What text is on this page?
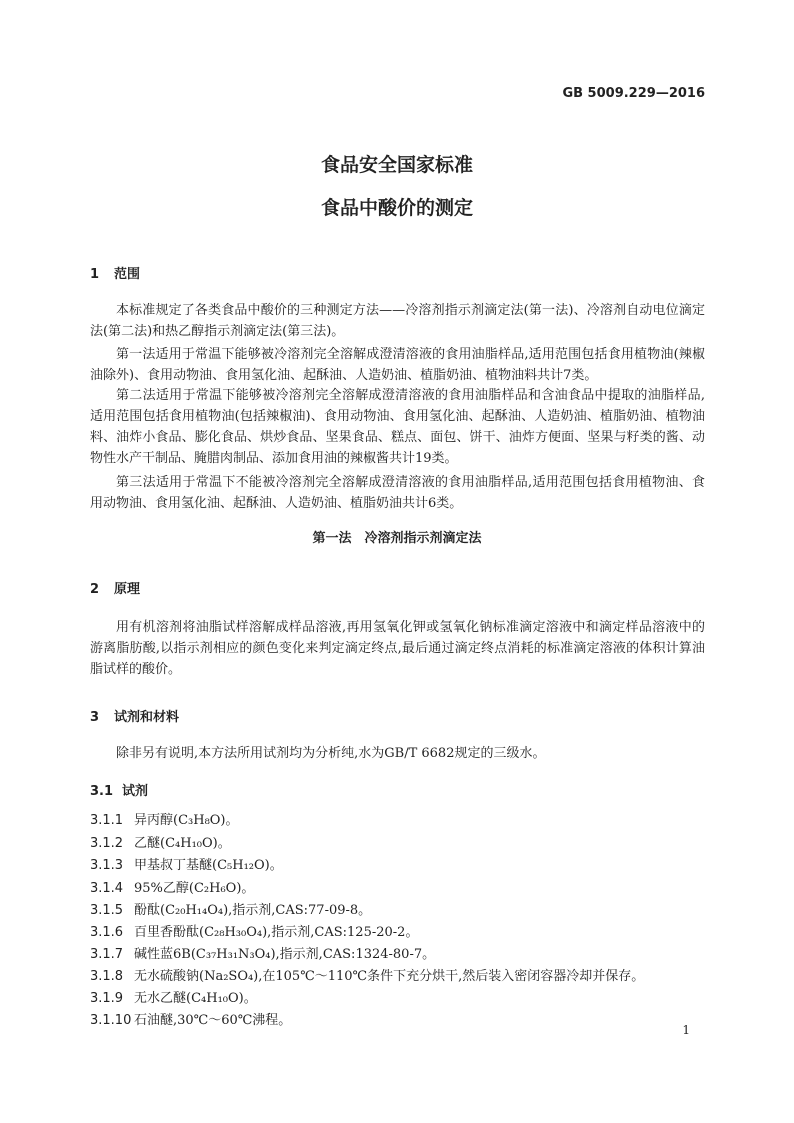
GB 5009.229—2016
食品安全国家标准
食品中酸价的测定
1 范围
本标准规定了各类食品中酸价的三种测定方法——冷溶剂指示剂滴定法(第一法)、冷溶剂自动电位滴定法(第二法)和热乙醇指示剂滴定法(第三法)。
第一法适用于常温下能够被冷溶剂完全溶解成澄清溶液的食用油脂样品,适用范围包括食用植物油(辣椒油除外)、食用动物油、食用氢化油、起酥油、人造奶油、植脂奶油、植物油料共计7类。
第二法适用于常温下能够被冷溶剂完全溶解成澄清溶液的食用油脂样品和含油食品中提取的油脂样品,适用范围包括食用植物油(包括辣椒油)、食用动物油、食用氢化油、起酥油、人造奶油、植脂奶油、植物油料、油炸小食品、膨化食品、烘炒食品、坚果食品、糕点、面包、饼干、油炸方便面、坚果与籽类的酱、动物性水产干制品、腌腊肉制品、添加食用油的辣椒酱共计19类。
第三法适用于常温下不能被冷溶剂完全溶解成澄清溶液的食用油脂样品,适用范围包括食用植物油、食用动物油、食用氢化油、起酥油、人造奶油、植脂奶油共计6类。
第一法　冷溶剂指示剂滴定法
2 原理
用有机溶剂将油脂试样溶解成样品溶液,再用氢氧化钾或氢氧化钠标准滴定溶液中和滴定样品溶液中的游离脂肪酸,以指示剂相应的颜色变化来判定滴定终点,最后通过滴定终点消耗的标准滴定溶液的体积计算油脂试样的酸价。
3 试剂和材料
除非另有说明,本方法所用试剂均为分析纯,水为GB/T 6682规定的三级水。
3.1 试剂
3.1.1 异丙醇(C₃H₈O)。
3.1.2 乙醚(C₄H₁₀O)。
3.1.3 甲基叔丁基醚(C₅H₁₂O)。
3.1.4 95%乙醇(C₂H₆O)。
3.1.5 酚酞(C₂₀H₁₄O₄),指示剂,CAS:77-09-8。
3.1.6 百里香酚酞(C₂₈H₃₀O₄),指示剂,CAS:125-20-2。
3.1.7 碱性蓝6B(C₃₇H₃₁N₃O₄),指示剂,CAS:1324-80-7。
3.1.8 无水硫酸钠(Na₂SO₄),在105℃～110℃条件下充分烘干,然后装入密闭容器冷却并保存。
3.1.9 无水乙醚(C₄H₁₀O)。
3.1.10 石油醚,30℃～60℃沸程。
1
